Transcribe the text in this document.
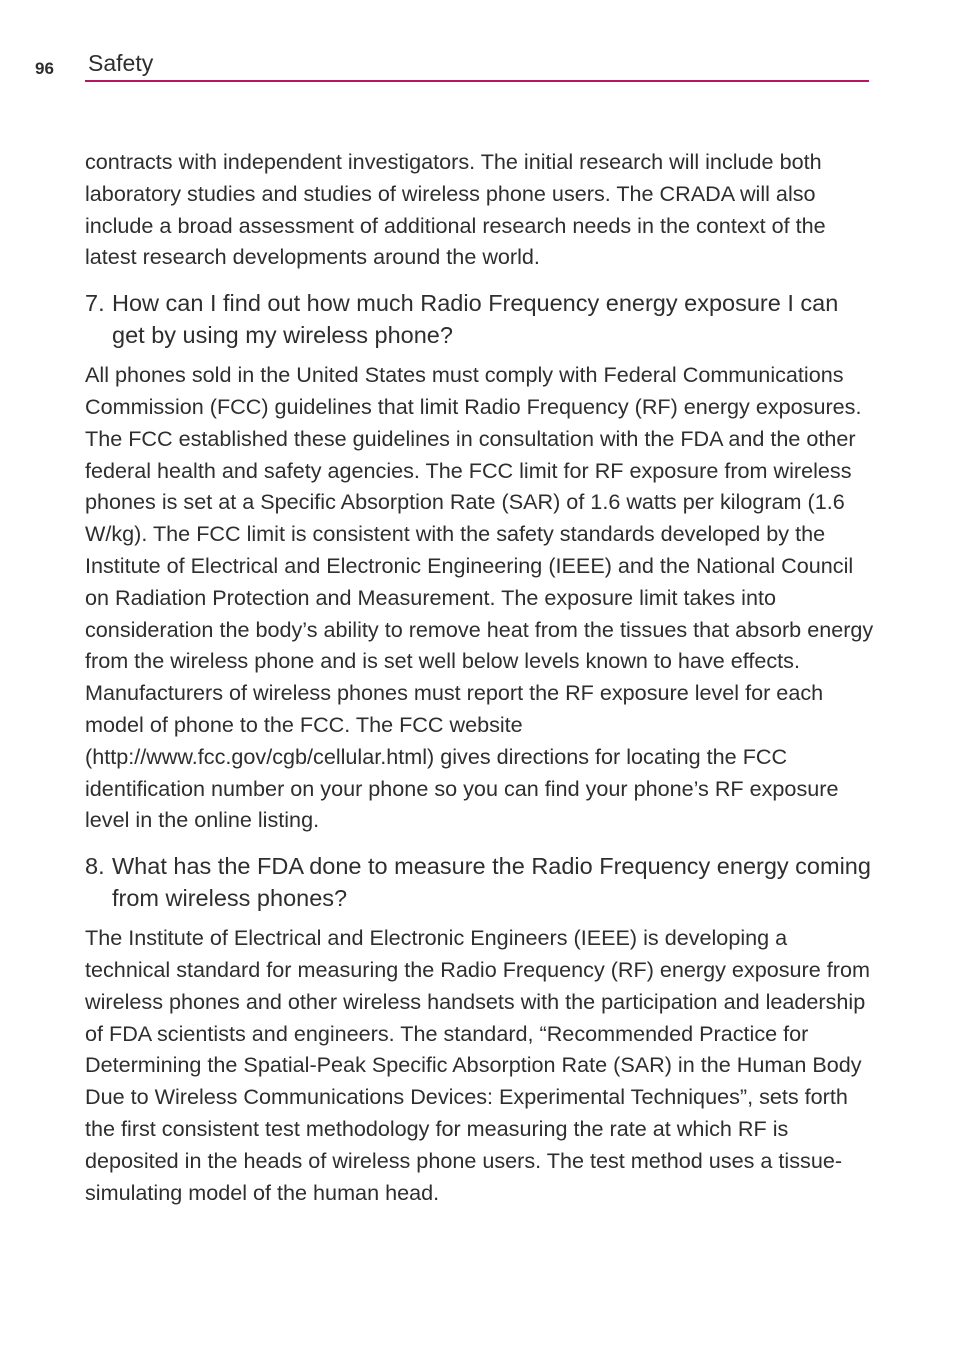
96 Safety

contracts with independent investigators. The initial research will include both laboratory studies and studies of wireless phone users. The CRADA will also include a broad assessment of additional research needs in the context of the latest research developments around the world.

7. How can I find out how much Radio Frequency energy exposure I can get by using my wireless phone?

All phones sold in the United States must comply with Federal Communications Commission (FCC) guidelines that limit Radio Frequency (RF) energy exposures. The FCC established these guidelines in consultation with the FDA and the other federal health and safety agencies. The FCC limit for RF exposure from wireless phones is set at a Specific Absorption Rate (SAR) of 1.6 watts per kilogram (1.6 W/kg). The FCC limit is consistent with the safety standards developed by the Institute of Electrical and Electronic Engineering (IEEE) and the National Council on Radiation Protection and Measurement. The exposure limit takes into consideration the body’s ability to remove heat from the tissues that absorb energy from the wireless phone and is set well below levels known to have effects. Manufacturers of wireless phones must report the RF exposure level for each model of phone to the FCC. The FCC website (http://www.fcc.gov/cgb/cellular.html) gives directions for locating the FCC identification number on your phone so you can find your phone’s RF exposure level in the online listing.

8. What has the FDA done to measure the Radio Frequency energy coming from wireless phones?

The Institute of Electrical and Electronic Engineers (IEEE) is developing a technical standard for measuring the Radio Frequency (RF) energy exposure from wireless phones and other wireless handsets with the participation and leadership of FDA scientists and engineers. The standard, “Recommended Practice for Determining the Spatial-Peak Specific Absorption Rate (SAR) in the Human Body Due to Wireless Communications Devices: Experimental Techniques”, sets forth the first consistent test methodology for measuring the rate at which RF is deposited in the heads of wireless phone users. The test method uses a tissue-simulating model of the human head.
